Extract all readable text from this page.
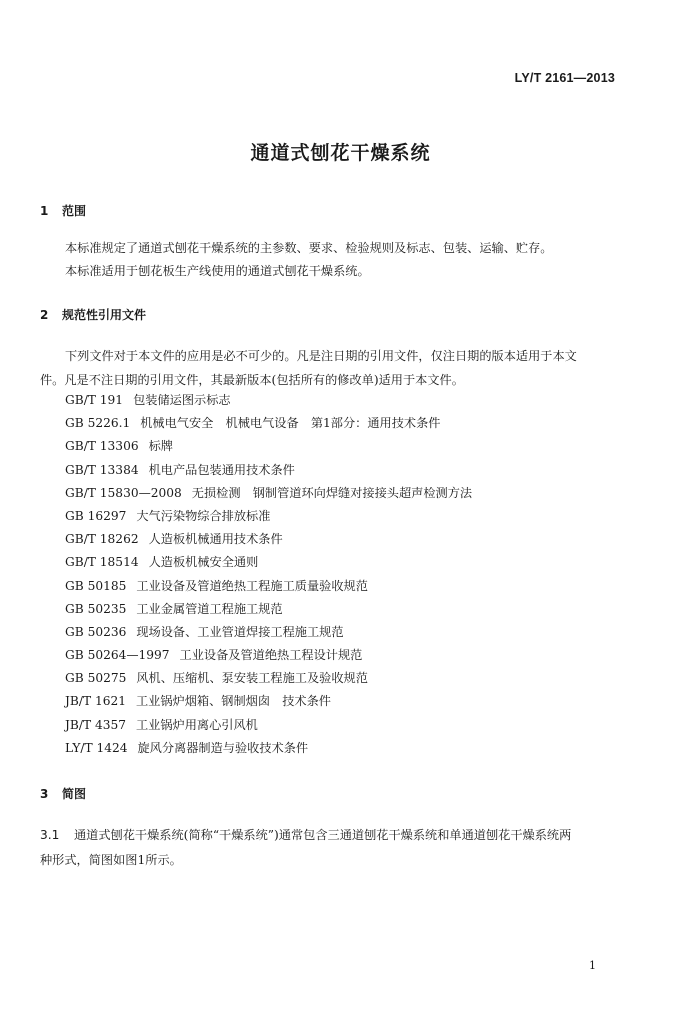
LY/T 2161—2013
通道式刨花干燥系统
1 范围
本标准规定了通道式刨花干燥系统的主参数、要求、检验规则及标志、包装、运输、贮存。
本标准适用于刨花板生产线使用的通道式刨花干燥系统。
2 规范性引用文件
下列文件对于本文件的应用是必不可少的。凡是注日期的引用文件，仅注日期的版本适用于本文
件。凡是不注日期的引用文件，其最新版本(包括所有的修改单)适用于本文件。
GB/T 191 包装储运图示标志
GB 5226.1 机械电气安全　机械电气设备　第1部分：通用技术条件
GB/T 13306 标牌
GB/T 13384 机电产品包装通用技术条件
GB/T 15830—2008 无损检测　钢制管道环向焊缝对接接头超声检测方法
GB 16297 大气污染物综合排放标准
GB/T 18262 人造板机械通用技术条件
GB/T 18514 人造板机械安全通则
GB 50185 工业设备及管道绝热工程施工质量验收规范
GB 50235 工业金属管道工程施工规范
GB 50236 现场设备、工业管道焊接工程施工规范
GB 50264—1997 工业设备及管道绝热工程设计规范
GB 50275 风机、压缩机、泵安装工程施工及验收规范
JB/T 1621 工业锅炉烟箱、钢制烟囱　技术条件
JB/T 4357 工业锅炉用离心引风机
LY/T 1424 旋风分离器制造与验收技术条件
3 简图
3.1 通道式刨花干燥系统(简称“干燥系统”)通常包含三通道刨花干燥系统和单通道刨花干燥系统两
种形式，简图如图1所示。
1
